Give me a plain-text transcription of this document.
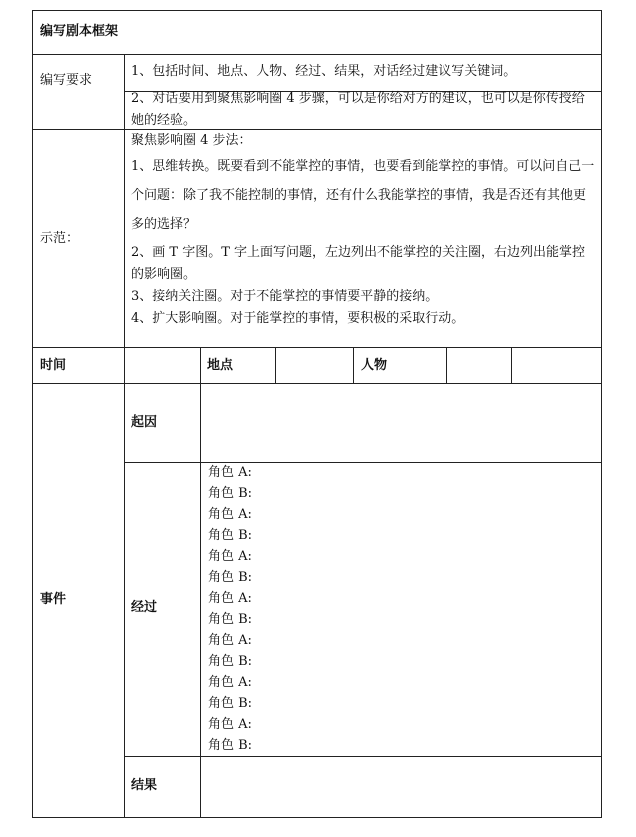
编写剧本框架
编写要求
1、包括时间、地点、人物、经过、结果，对话经过建议写关键词。
2、对话要用到聚焦影响圈 4 步骤，可以是你给对方的建议，也可以是你传授给她的经验。
示范：
聚焦影响圈 4 步法：
1、思维转换。既要看到不能掌控的事情，也要看到能掌控的事情。可以问自己一个问题：除了我不能控制的事情，还有什么我能掌控的事情，我是否还有其他更多的选择？
2、画 T 字图。T 字上面写问题，左边列出不能掌控的关注圈，右边列出能掌控的影响圈。
3、接纳关注圈。对于不能掌控的事情要平静的接纳。
4、扩大影响圈。对于能掌控的事情，要积极的采取行动。
时间	地点	人物
事件
起因
经过
结果
角色 A:
角色 B:
角色 A:
角色 B:
角色 A:
角色 B:
角色 A:
角色 B:
角色 A:
角色 B:
角色 A:
角色 B:
角色 A:
角色 B:
